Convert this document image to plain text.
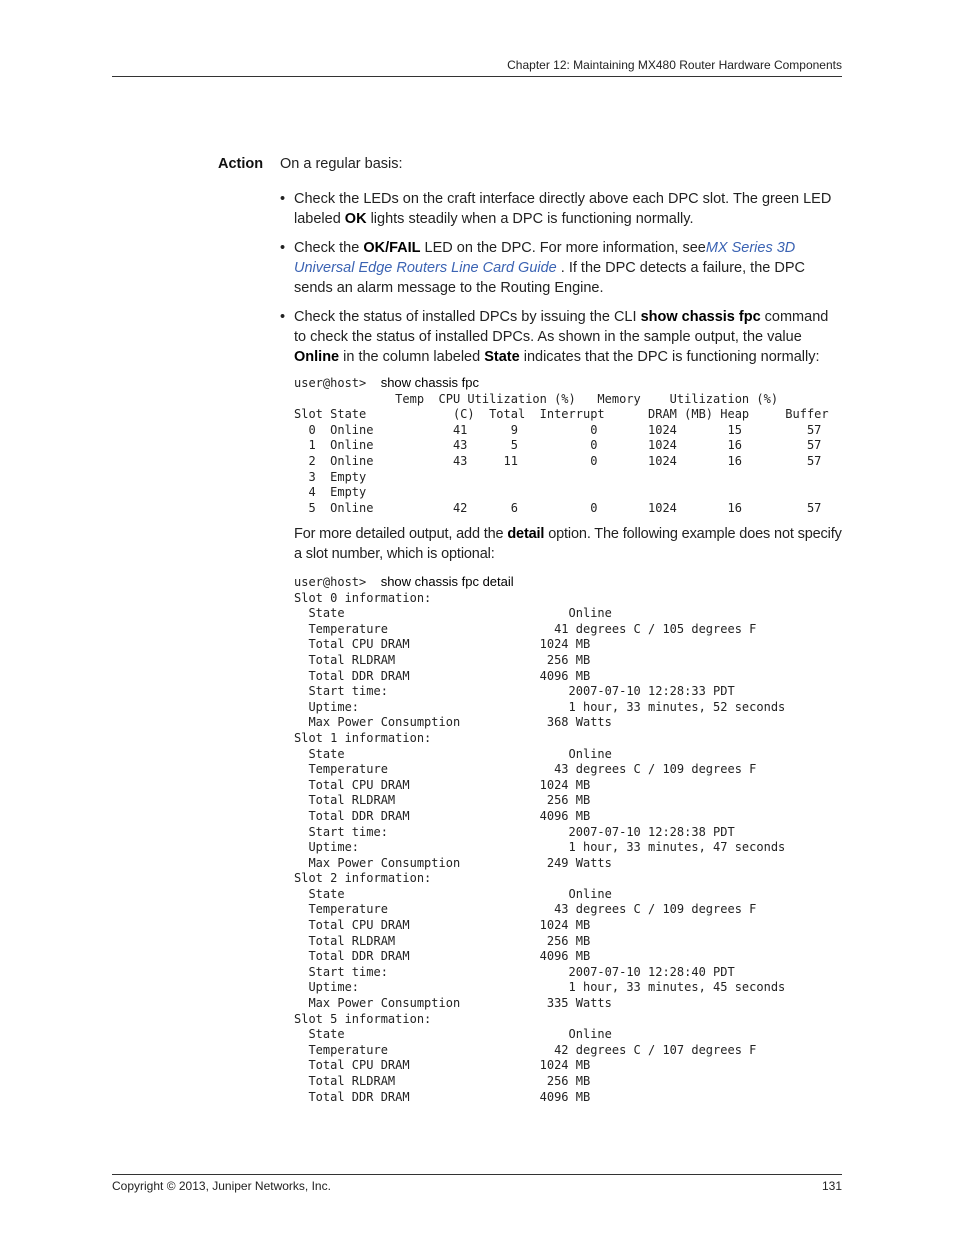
Chapter 12: Maintaining MX480 Router Hardware Components
Action On a regular basis:
• Check the LEDs on the craft interface directly above each DPC slot. The green LED labeled OK lights steadily when a DPC is functioning normally.
• Check the OK/FAIL LED on the DPC. For more information, seeMX Series 3D Universal Edge Routers Line Card Guide . If the DPC detects a failure, the DPC sends an alarm message to the Routing Engine.
• Check the status of installed DPCs by issuing the CLI show chassis fpc command to check the status of installed DPCs. As shown in the sample output, the value Online in the column labeled State indicates that the DPC is functioning normally:
user@host>  show chassis fpc
Temp  CPU Utilization (%)   Memory    Utilization (%)
Slot State            (C)  Total  Interrupt      DRAM (MB) Heap     Buffer
0  Online           41      9          0       1024       15         57
1  Online           43      5          0       1024       16         57
2  Online           43     11          0       1024       16         57
3  Empty
4  Empty
5  Online           42      6          0       1024       16         57
For more detailed output, add the detail option. The following example does not specify a slot number, which is optional:
user@host>  show chassis fpc detail
Slot 0 information:
State                               Online
Temperature                       41 degrees C / 105 degrees F
Total CPU DRAM                  1024 MB
Total RLDRAM                     256 MB
Total DDR DRAM                  4096 MB
Start time:                         2007-07-10 12:28:33 PDT
Uptime:                             1 hour, 33 minutes, 52 seconds
Max Power Consumption            368 Watts
Slot 1 information:
State                               Online
Temperature                       43 degrees C / 109 degrees F
Total CPU DRAM                  1024 MB
Total RLDRAM                     256 MB
Total DDR DRAM                  4096 MB
Start time:                         2007-07-10 12:28:38 PDT
Uptime:                             1 hour, 33 minutes, 47 seconds
Max Power Consumption            249 Watts
Slot 2 information:
State                               Online
Temperature                       43 degrees C / 109 degrees F
Total CPU DRAM                  1024 MB
Total RLDRAM                     256 MB
Total DDR DRAM                  4096 MB
Start time:                         2007-07-10 12:28:40 PDT
Uptime:                             1 hour, 33 minutes, 45 seconds
Max Power Consumption            335 Watts
Slot 5 information:
State                               Online
Temperature                       42 degrees C / 107 degrees F
Total CPU DRAM                  1024 MB
Total RLDRAM                     256 MB
Total DDR DRAM                  4096 MB
Copyright © 2013, Juniper Networks, Inc.	131
